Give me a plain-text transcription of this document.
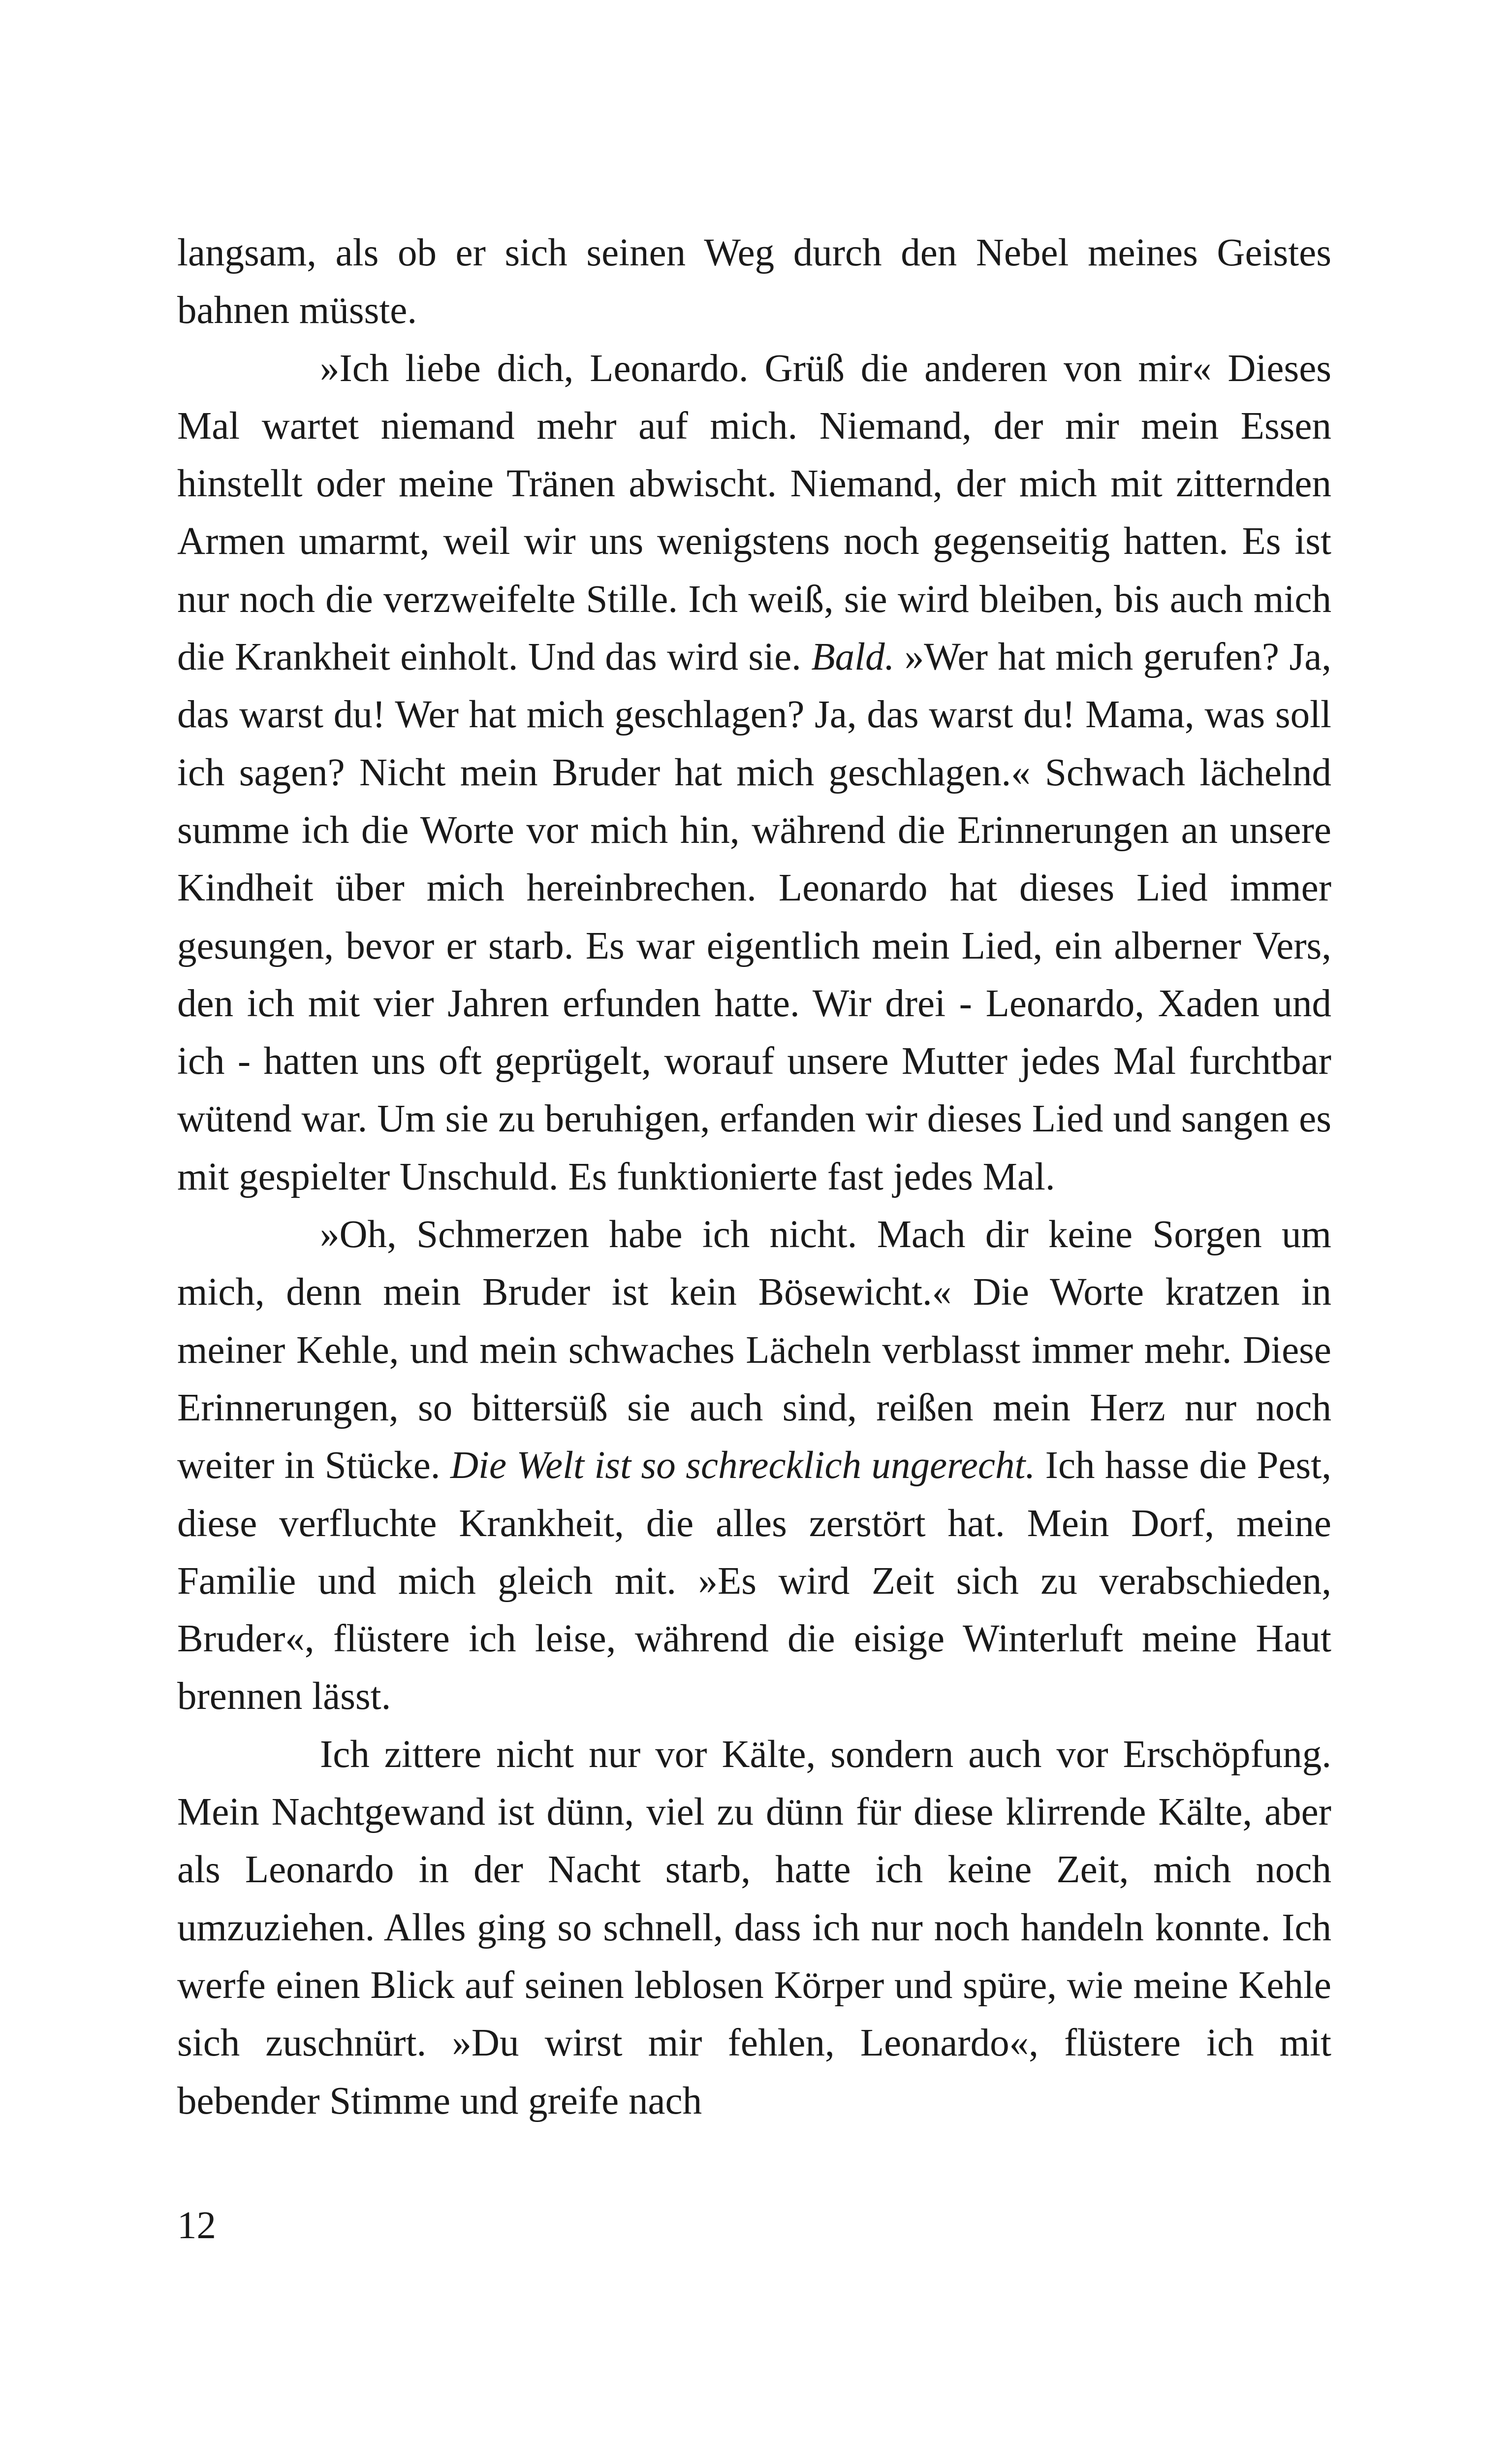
langsam, als ob er sich seinen Weg durch den Nebel meines Geistes bahnen müsste.

»Ich liebe dich, Leonardo. Grüß die anderen von mir« Dieses Mal wartet niemand mehr auf mich. Niemand, der mir mein Essen hinstellt oder meine Tränen abwischt. Niemand, der mich mit zitternden Armen umarmt, weil wir uns wenigstens noch gegenseitig hatten. Es ist nur noch die verzweifelte Stille. Ich weiß, sie wird bleiben, bis auch mich die Krankheit einholt. Und das wird sie. Bald. »Wer hat mich gerufen? Ja, das warst du! Wer hat mich geschlagen? Ja, das warst du! Mama, was soll ich sagen? Nicht mein Bruder hat mich geschlagen.« Schwach lächelnd summe ich die Worte vor mich hin, während die Erinnerungen an unsere Kindheit über mich hereinbrechen. Leonardo hat dieses Lied immer gesungen, bevor er starb. Es war eigentlich mein Lied, ein alberner Vers, den ich mit vier Jahren erfunden hatte. Wir drei - Leonardo, Xaden und ich - hatten uns oft geprügelt, worauf unsere Mutter jedes Mal furchtbar wütend war. Um sie zu beruhigen, erfanden wir dieses Lied und sangen es mit gespielter Unschuld. Es funktionierte fast jedes Mal.

»Oh, Schmerzen habe ich nicht. Mach dir keine Sorgen um mich, denn mein Bruder ist kein Bösewicht.« Die Worte kratzen in meiner Kehle, und mein schwaches Lächeln verblasst immer mehr. Diese Erinnerungen, so bittersüß sie auch sind, reißen mein Herz nur noch weiter in Stücke. Die Welt ist so schrecklich ungerecht. Ich hasse die Pest, diese verfluchte Krankheit, die alles zerstört hat. Mein Dorf, meine Familie und mich gleich mit. »Es wird Zeit sich zu verabschieden, Bruder«, flüstere ich leise, während die eisige Winterluft meine Haut brennen lässt.

Ich zittere nicht nur vor Kälte, sondern auch vor Erschöpfung. Mein Nachtgewand ist dünn, viel zu dünn für diese klirrende Kälte, aber als Leonardo in der Nacht starb, hatte ich keine Zeit, mich noch umzuziehen. Alles ging so schnell, dass ich nur noch handeln konnte. Ich werfe einen Blick auf seinen leblosen Körper und spüre, wie meine Kehle sich zuschnürt. »Du wirst mir fehlen, Leonardo«, flüstere ich mit bebender Stimme und greife nach

12
